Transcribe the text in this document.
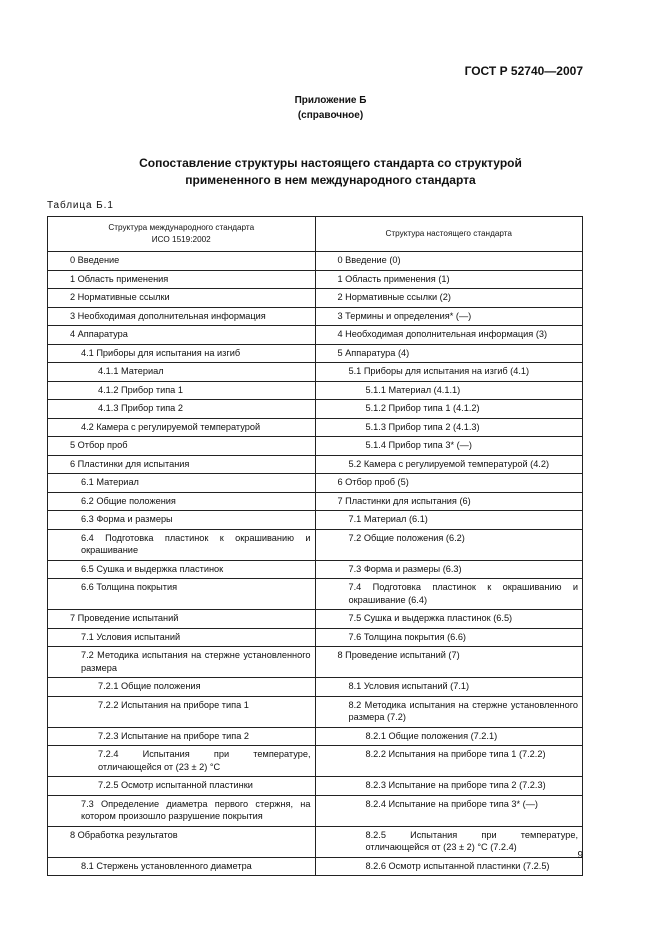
ГОСТ Р 52740—2007
Приложение Б
(справочное)
Сопоставление структуры настоящего стандарта со структурой
примененного в нем международного стандарта
Таблица Б.1
Структура международного стандарта
ИСО 1519:2002	Структура настоящего стандарта
0 Введение	0 Введение (0)
1 Область применения	1 Область применения (1)
2 Нормативные ссылки	2 Нормативные ссылки (2)
3 Необходимая дополнительная информация	3 Термины и определения* (—)
4 Аппаратура	4 Необходимая дополнительная информация (3)
4.1 Приборы для испытания на изгиб	5 Аппаратура (4)
4.1.1 Материал	5.1 Приборы для испытания на изгиб (4.1)
4.1.2 Прибор типа 1	5.1.1 Материал (4.1.1)
4.1.3 Прибор типа 2	5.1.2 Прибор типа 1 (4.1.2)
4.2 Камера с регулируемой температурой	5.1.3 Прибор типа 2 (4.1.3)
5 Отбор проб	5.1.4 Прибор типа 3* (—)
6 Пластинки для испытания	5.2 Камера с регулируемой температурой (4.2)
6.1 Материал	6 Отбор проб (5)
6.2 Общие положения	7 Пластинки для испытания (6)
6.3 Форма и размеры	7.1 Материал (6.1)
6.4 Подготовка пластинок к окрашиванию и окрашивание	7.2 Общие положения (6.2)
6.5 Сушка и выдержка пластинок	7.3 Форма и размеры (6.3)
6.6 Толщина покрытия	7.4 Подготовка пластинок к окрашиванию и окрашивание (6.4)
7 Проведение испытаний	7.5 Сушка и выдержка пластинок (6.5)
7.1 Условия испытаний	7.6 Толщина покрытия (6.6)
7.2 Методика испытания на стержне установленного размера	8 Проведение испытаний (7)
7.2.1 Общие положения	8.1 Условия испытаний (7.1)
7.2.2 Испытания на приборе типа 1	8.2 Методика испытания на стержне установленного размера (7.2)
7.2.3 Испытание на приборе типа 2	8.2.1 Общие положения (7.2.1)
7.2.4 Испытания при температуре, отличающейся от (23 ± 2) °С	8.2.2 Испытания на приборе типа 1 (7.2.2)
7.2.5 Осмотр испытанной пластинки	8.2.3 Испытание на приборе типа 2 (7.2.3)
7.3 Определение диаметра первого стержня, на котором произошло разрушение покрытия	8.2.4 Испытание на приборе типа 3* (—)
8 Обработка результатов	8.2.5 Испытания при температуре, отличающейся от (23 ± 2) °С (7.2.4)
8.1 Стержень установленного диаметра	8.2.6 Осмотр испытанной пластинки (7.2.5)
9
